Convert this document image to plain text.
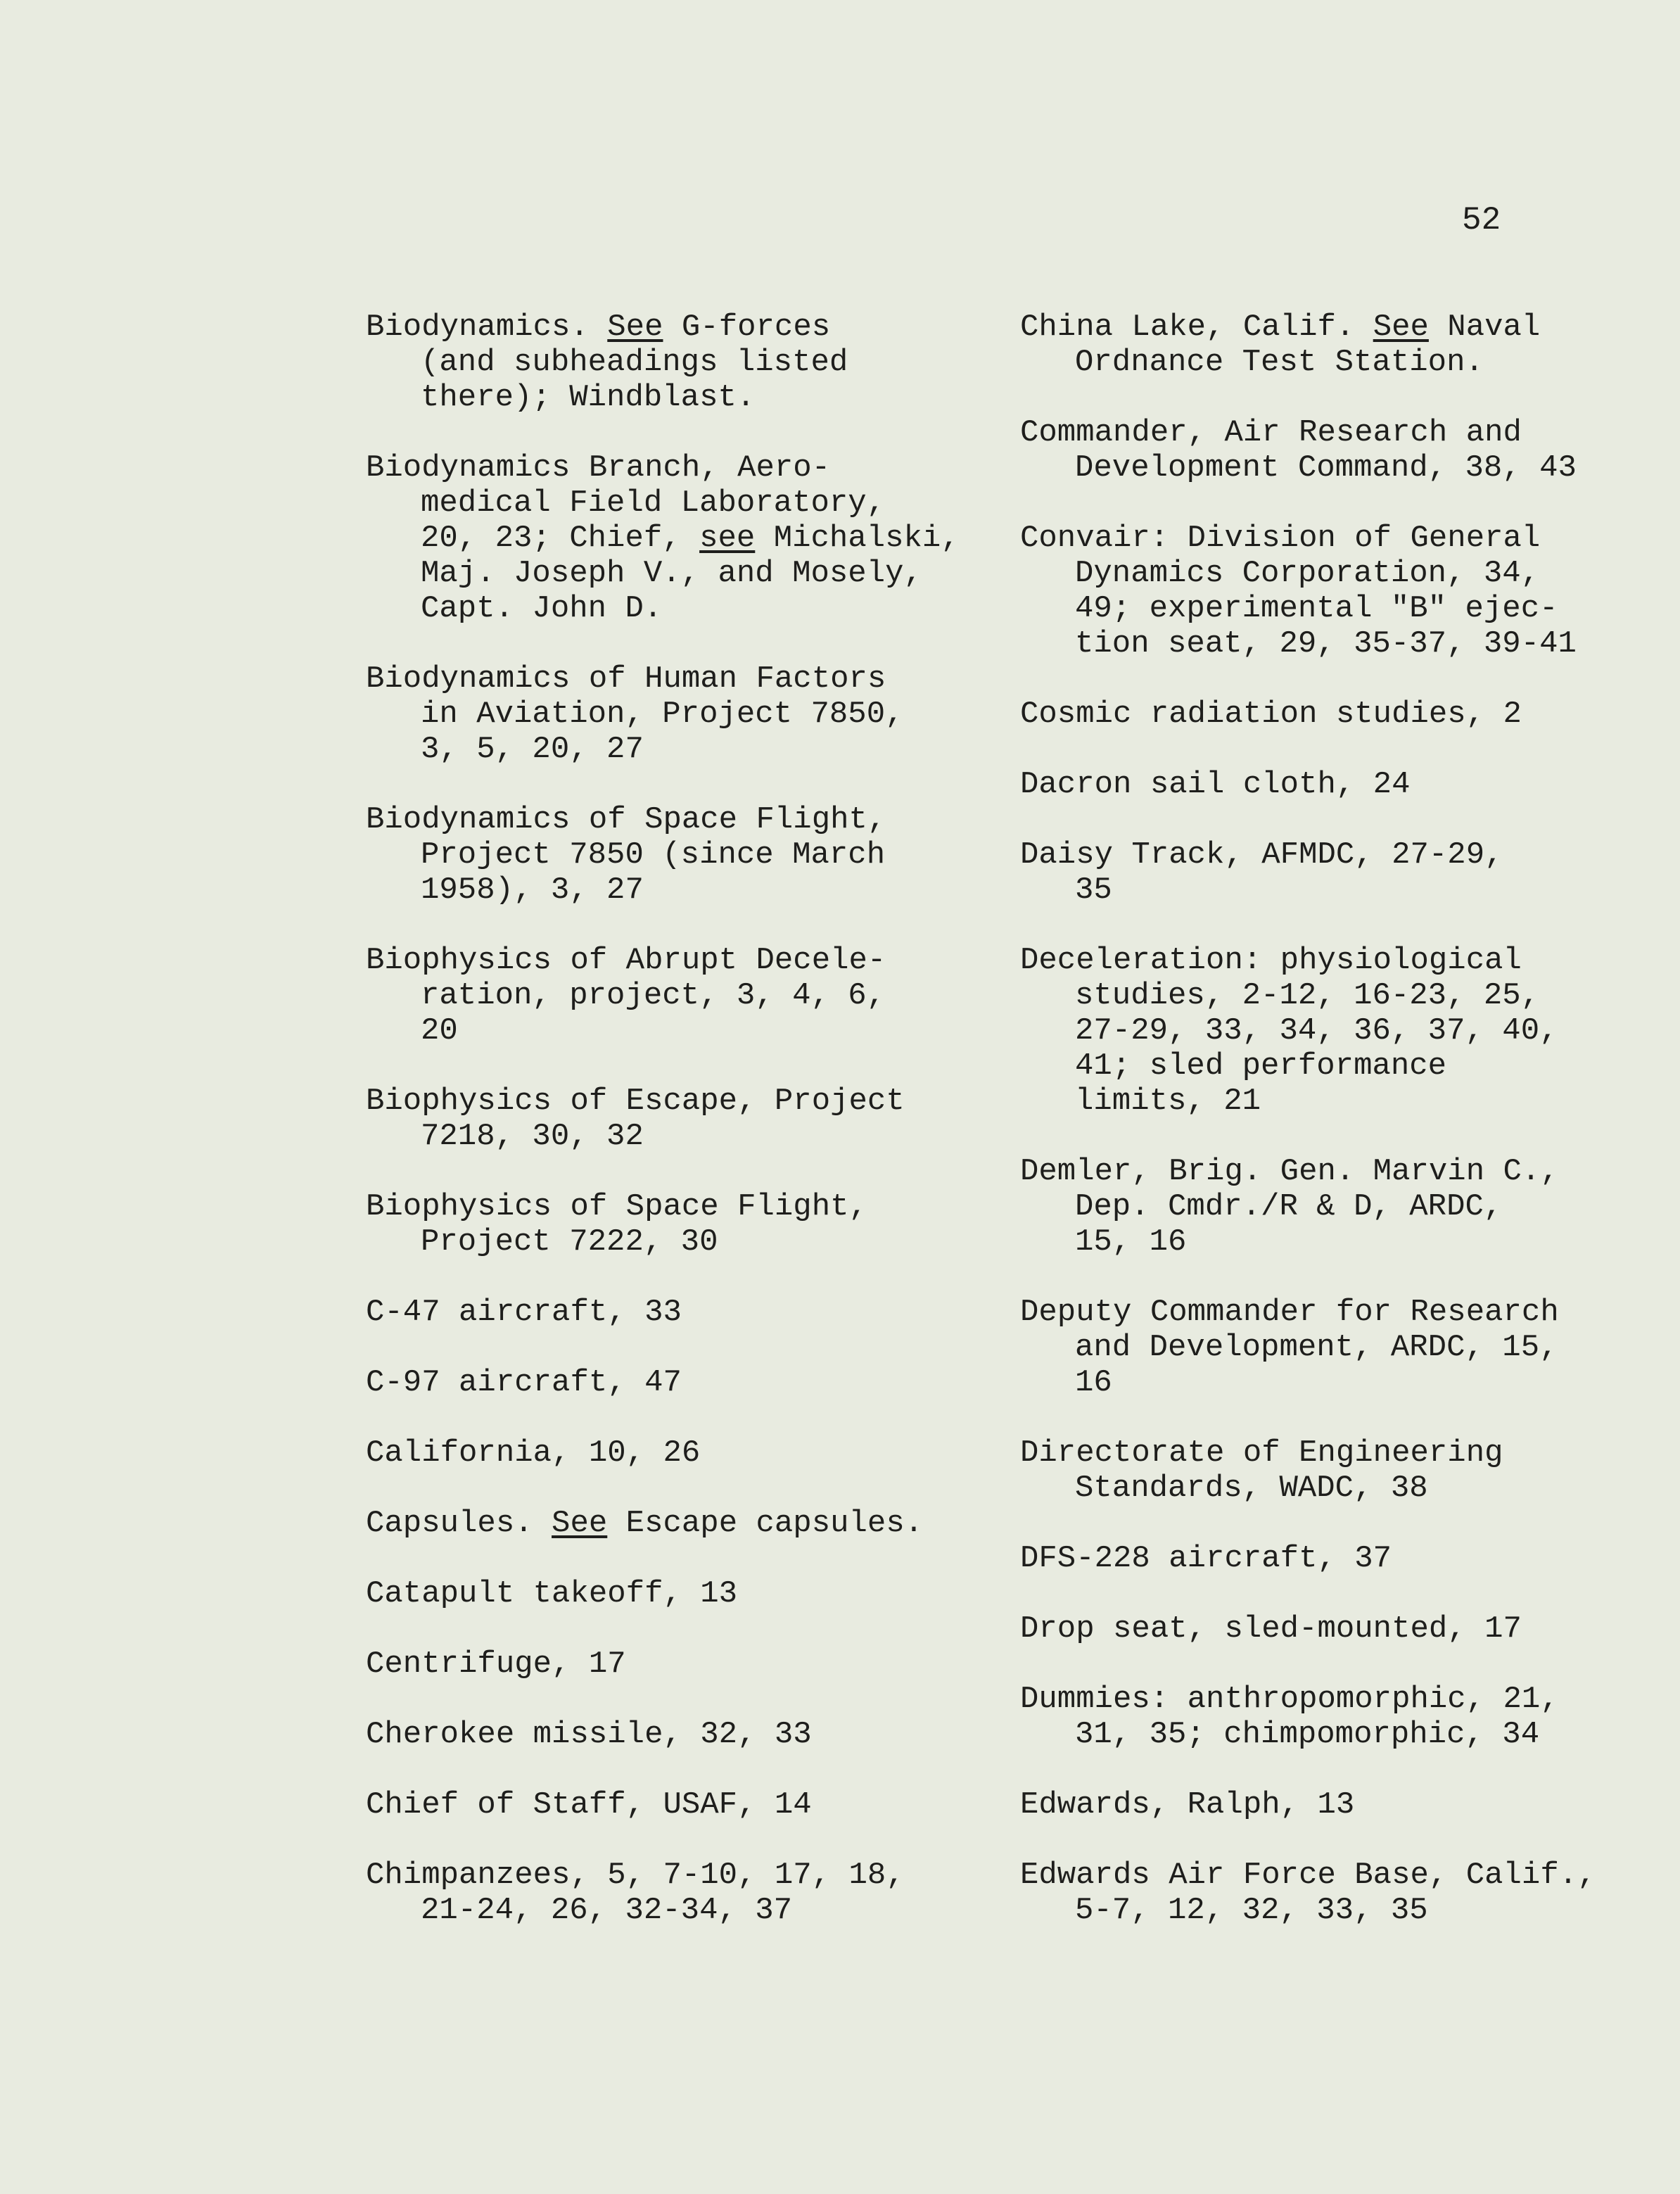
52

Biodynamics. See G-forces
(and subheadings listed
there); Windblast.

Biodynamics Branch, Aero-
medical Field Laboratory,
20, 23; Chief, see Michalski,
Maj. Joseph V., and Mosely,
Capt. John D.

Biodynamics of Human Factors
in Aviation, Project 7850,
3, 5, 20, 27

Biodynamics of Space Flight,
Project 7850 (since March
1958), 3, 27

Biophysics of Abrupt Decele-
ration, project, 3, 4, 6,
20

Biophysics of Escape, Project
7218, 30, 32

Biophysics of Space Flight,
Project 7222, 30

C-47 aircraft, 33

C-97 aircraft, 47

California, 10, 26

Capsules. See Escape capsules.

Catapult takeoff, 13

Centrifuge, 17

Cherokee missile, 32, 33

Chief of Staff, USAF, 14

Chimpanzees, 5, 7-10, 17, 18,
21-24, 26, 32-34, 37

China Lake, Calif. See Naval
Ordnance Test Station.

Commander, Air Research and
Development Command, 38, 43

Convair: Division of General
Dynamics Corporation, 34,
49; experimental "B" ejec-
tion seat, 29, 35-37, 39-41

Cosmic radiation studies, 2

Dacron sail cloth, 24

Daisy Track, AFMDC, 27-29,
35

Deceleration: physiological
studies, 2-12, 16-23, 25,
27-29, 33, 34, 36, 37, 40,
41; sled performance
limits, 21

Demler, Brig. Gen. Marvin C.,
Dep. Cmdr./R & D, ARDC,
15, 16

Deputy Commander for Research
and Development, ARDC, 15,
16

Directorate of Engineering
Standards, WADC, 38

DFS-228 aircraft, 37

Drop seat, sled-mounted, 17

Dummies: anthropomorphic, 21,
31, 35; chimpomorphic, 34

Edwards, Ralph, 13

Edwards Air Force Base, Calif.,
5-7, 12, 32, 33, 35
